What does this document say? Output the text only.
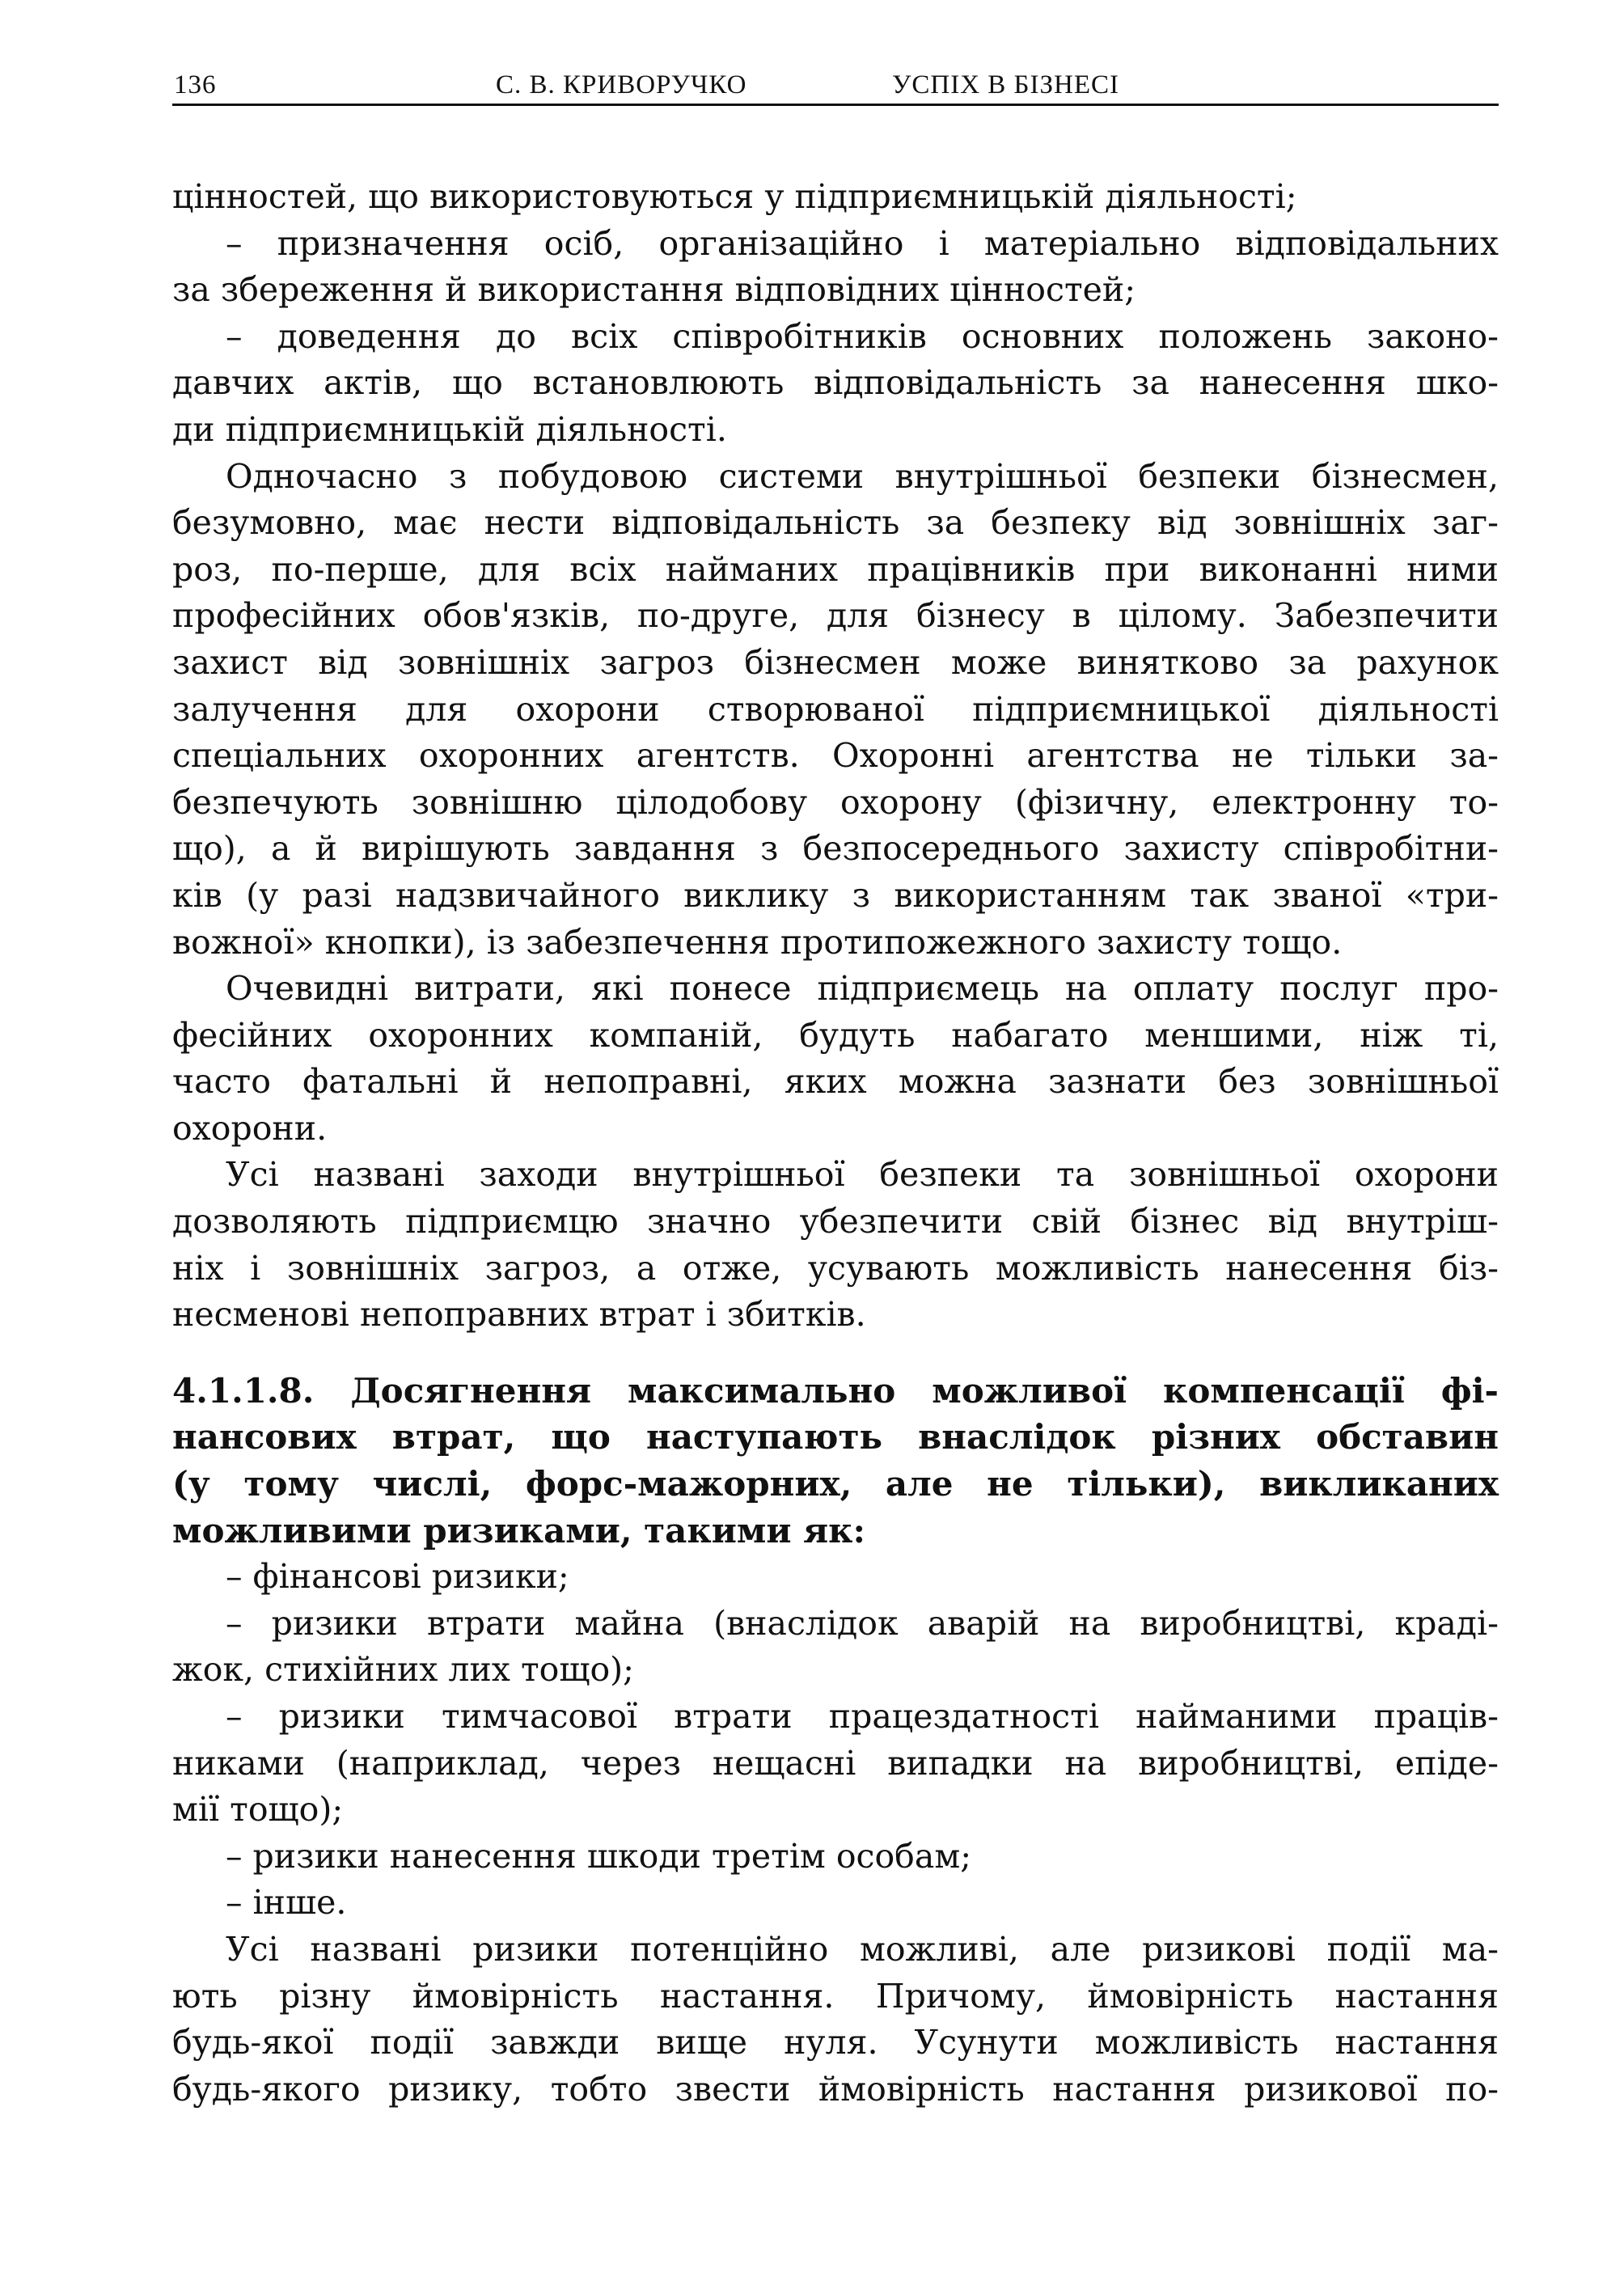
136	С. В. КРИВОРУЧКО	УСПІХ В БІЗНЕСІ
цінностей, що використовуються у підприємницькій діяльності;
– призначення осіб, організаційно і матеріально відповідальних
за збереження й використання відповідних цінностей;
– доведення до всіх співробітників основних положень законо-
давчих актів, що встановлюють відповідальність за нанесення шко-
ди підприємницькій діяльності.
Одночасно з побудовою системи внутрішньої безпеки бізнесмен,
безумовно, має нести відповідальність за безпеку від зовнішніх заг-
роз, по-перше, для всіх найманих працівників при виконанні ними
професійних обов'язків, по-друге, для бізнесу в цілому. Забезпечити
захист від зовнішніх загроз бізнесмен може винятково за рахунок
залучення для охорони створюваної підприємницької діяльності
спеціальних охоронних агентств. Охоронні агентства не тільки за-
безпечують зовнішню цілодобову охорону (фізичну, електронну то-
що), а й вирішують завдання з безпосереднього захисту співробітни-
ків (у разі надзвичайного виклику з використанням так званої «три-
вожної» кнопки), із забезпечення протипожежного захисту тощо.
Очевидні витрати, які понесе підприємець на оплату послуг про-
фесійних охоронних компаній, будуть набагато меншими, ніж ті,
часто фатальні й непоправні, яких можна зазнати без зовнішньої
охорони.
Усі названі заходи внутрішньої безпеки та зовнішньої охорони
дозволяють підприємцю значно убезпечити свій бізнес від внутріш-
ніх і зовнішніх загроз, а отже, усувають можливість нанесення біз-
несменові непоправних втрат і збитків.
4.1.1.8. Досягнення максимально можливої компенсації фі-
нансових втрат, що наступають внаслідок різних обставин
(у тому числі, форс-мажорних, але не тільки), викликаних
можливими ризиками, такими як:
– фінансові ризики;
– ризики втрати майна (внаслідок аварій на виробництві, краді-
жок, стихійних лих тощо);
– ризики тимчасової втрати працездатності найманими праців-
никами (наприклад, через нещасні випадки на виробництві, епіде-
мії тощо);
– ризики нанесення шкоди третім особам;
– інше.
Усі названі ризики потенційно можливі, але ризикові події ма-
ють різну ймовірність настання. Причому, ймовірність настання
будь-якої події завжди вище нуля. Усунути можливість настання
будь-якого ризику, тобто звести ймовірність настання ризикової по-
